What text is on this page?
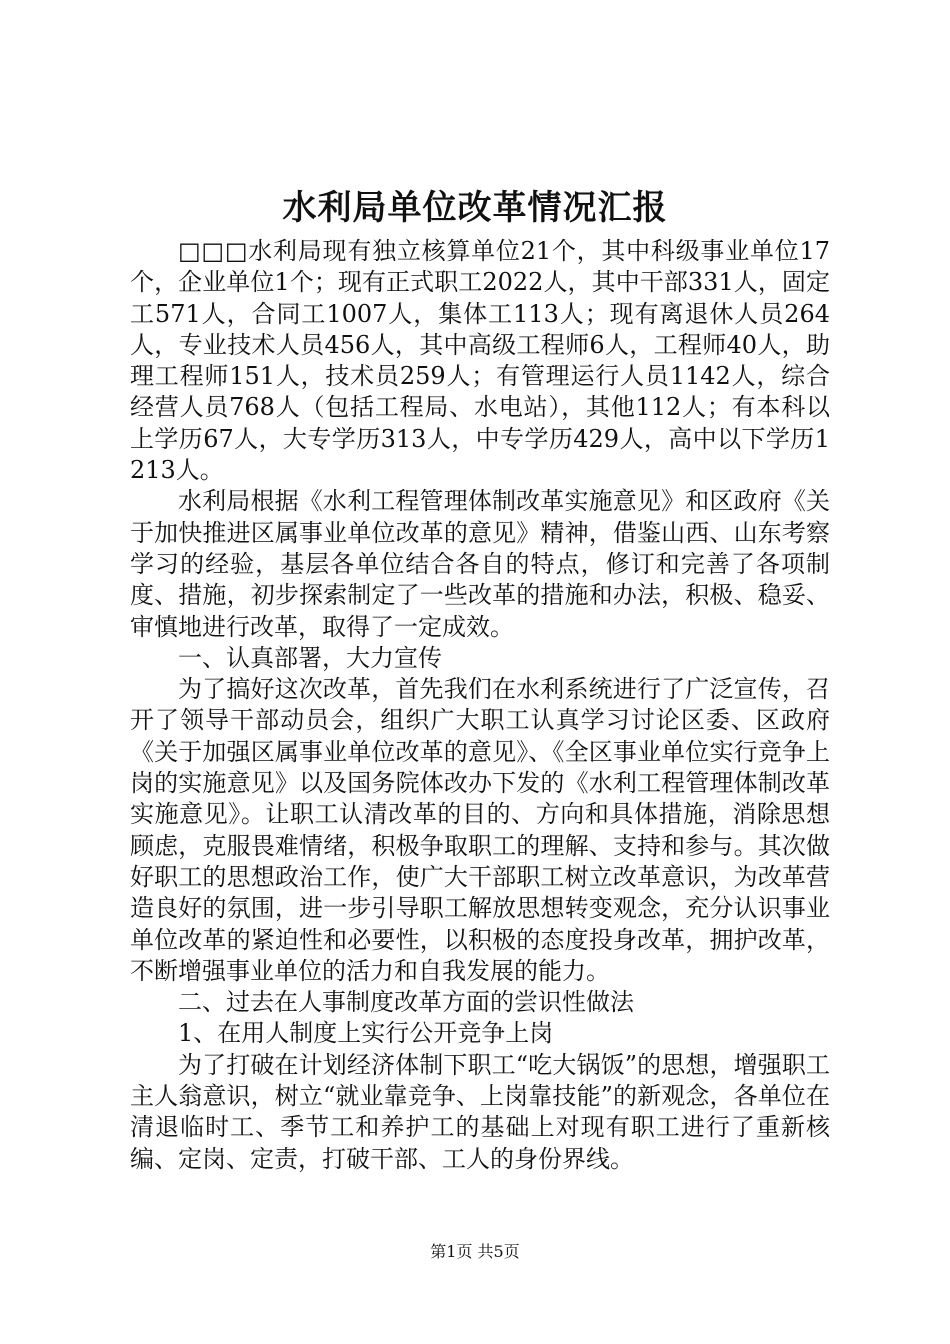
水利局单位改革情况汇报

□□□水利局现有独立核算单位21个，其中科级事业单位17个，企业单位1个；现有正式职工2022人，其中干部331人，固定工571人，合同工1007人，集体工113人；现有离退休人员264人，专业技术人员456人，其中高级工程师6人，工程师40人，助理工程师151人，技术员259人；有管理运行人员1142人，综合经营人员768人（包括工程局、水电站），其他112人；有本科以上学历67人，大专学历313人，中专学历429人，高中以下学历1213人。

水利局根据《水利工程管理体制改革实施意见》和区政府《关于加快推进区属事业单位改革的意见》精神，借鉴山西、山东考察学习的经验，基层各单位结合各自的特点，修订和完善了各项制度、措施，初步探索制定了一些改革的措施和办法，积极、稳妥、审慎地进行改革，取得了一定成效。

一、认真部署，大力宣传

为了搞好这次改革，首先我们在水利系统进行了广泛宣传，召开了领导干部动员会，组织广大职工认真学习讨论区委、区政府《关于加强区属事业单位改革的意见》、《全区事业单位实行竞争上岗的实施意见》以及国务院体改办下发的《水利工程管理体制改革实施意见》。让职工认清改革的目的、方向和具体措施，消除思想顾虑，克服畏难情绪，积极争取职工的理解、支持和参与。其次做好职工的思想政治工作，使广大干部职工树立改革意识，为改革营造良好的氛围，进一步引导职工解放思想转变观念，充分认识事业单位改革的紧迫性和必要性，以积极的态度投身改革，拥护改革，不断增强事业单位的活力和自我发展的能力。

二、过去在人事制度改革方面的尝识性做法

1、在用人制度上实行公开竞争上岗

为了打破在计划经济体制下职工“吃大锅饭”的思想，增强职工主人翁意识，树立“就业靠竞争、上岗靠技能”的新观念，各单位在清退临时工、季节工和养护工的基础上对现有职工进行了重新核编、定岗、定责，打破干部、工人的身份界线。

第1页 共5页
